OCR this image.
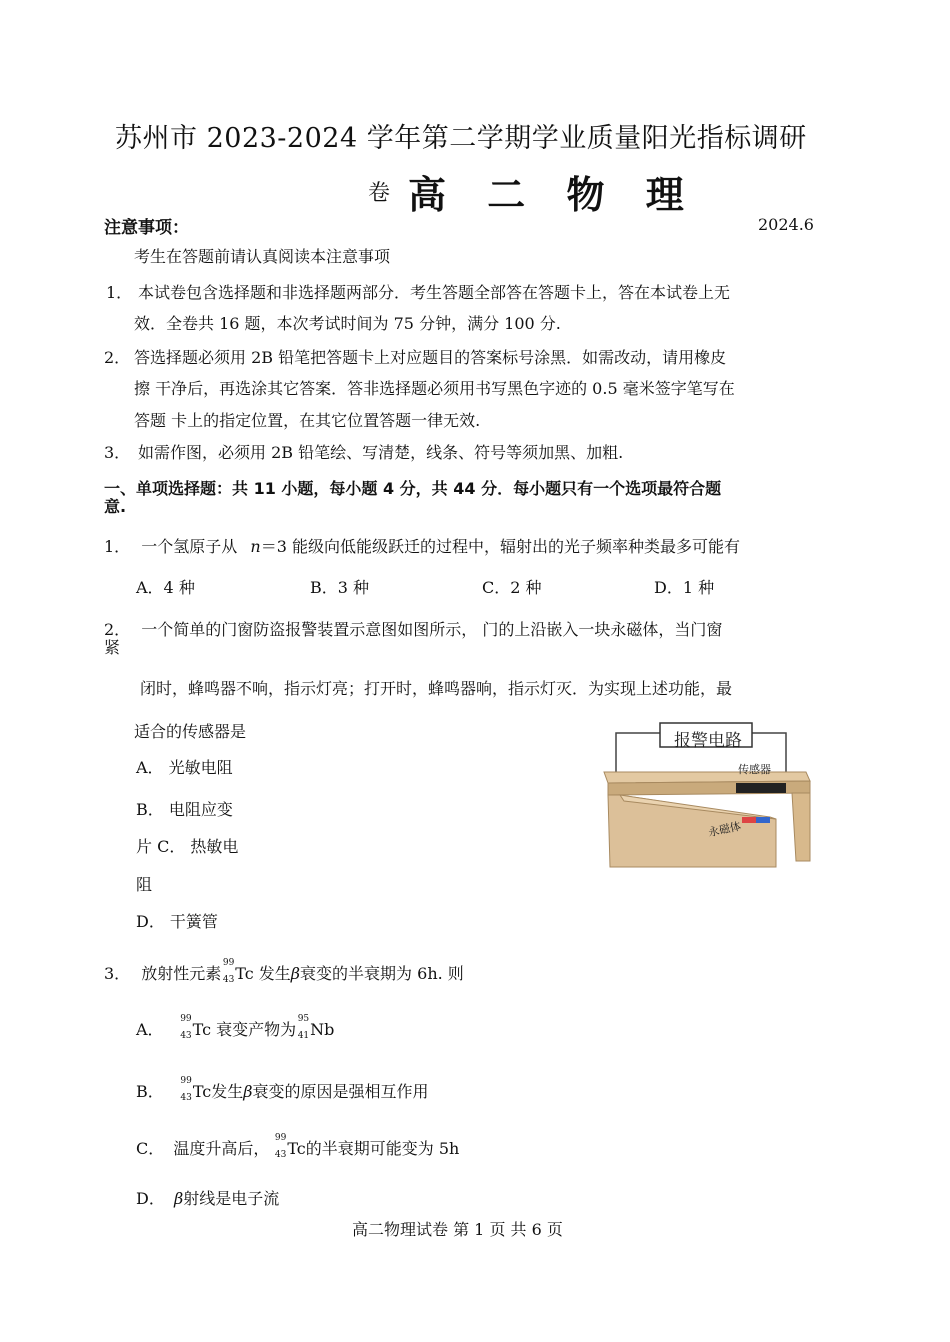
苏州市 2023-2024 学年第二学期学业质量阳光指标调研
卷 高 二 物 理
注意事项：	2024.6
考生在答题前请认真阅读本注意事项
1． 本试卷包含选择题和非选择题两部分．考生答题全部答在答题卡上，答在本试卷上无
效．全卷共 16 题，本次考试时间为 75 分钟，满分 100 分.
2． 答选择题必须用 2B 铅笔把答题卡上对应题目的答案标号涂黑．如需改动，请用橡皮
擦 干净后，再选涂其它答案．答非选择题必须用书写黑色字迹的 0.5 毫米签字笔写在
答题 卡上的指定位置，在其它位置答题一律无效.
3． 如需作图，必须用 2B 铅笔绘、写清楚，线条、符号等须加黑、加粗.
一、单项选择题：共 11 小题，每小题 4 分，共 44 分．每小题只有一个选项最符合题
意.
1． 一个氢原子从 n＝3 能级向低能级跃迁的过程中，辐射出的光子频率种类最多可能有
A．4 种	B．3 种	C．2 种	D．1 种
2． 一个简单的门窗防盗报警装置示意图如图所示， 门的上沿嵌入一块永磁体，当门窗
紧
闭时，蜂鸣器不响，指示灯亮；打开时，蜂鸣器响，指示灯灭．为实现上述功能，最
适合的传感器是
A． 光敏电阻
B． 电阻应变
片 C． 热敏电
阻
D． 干簧管
报警电路
传感器
永磁体
3． 放射性元素
99
43 Tc 发生β衰变的半衰期为 6h. 则
A．
99
43 Tc 衰变产物为
95
41 Nb
B．
99
43 Tc发生β衰变的原因是强相互作用
C． 温度升高后，
99
43 Tc的半衰期可能变为 5h
D． β射线是电子流
高二物理试卷 第 1 页 共 6 页
